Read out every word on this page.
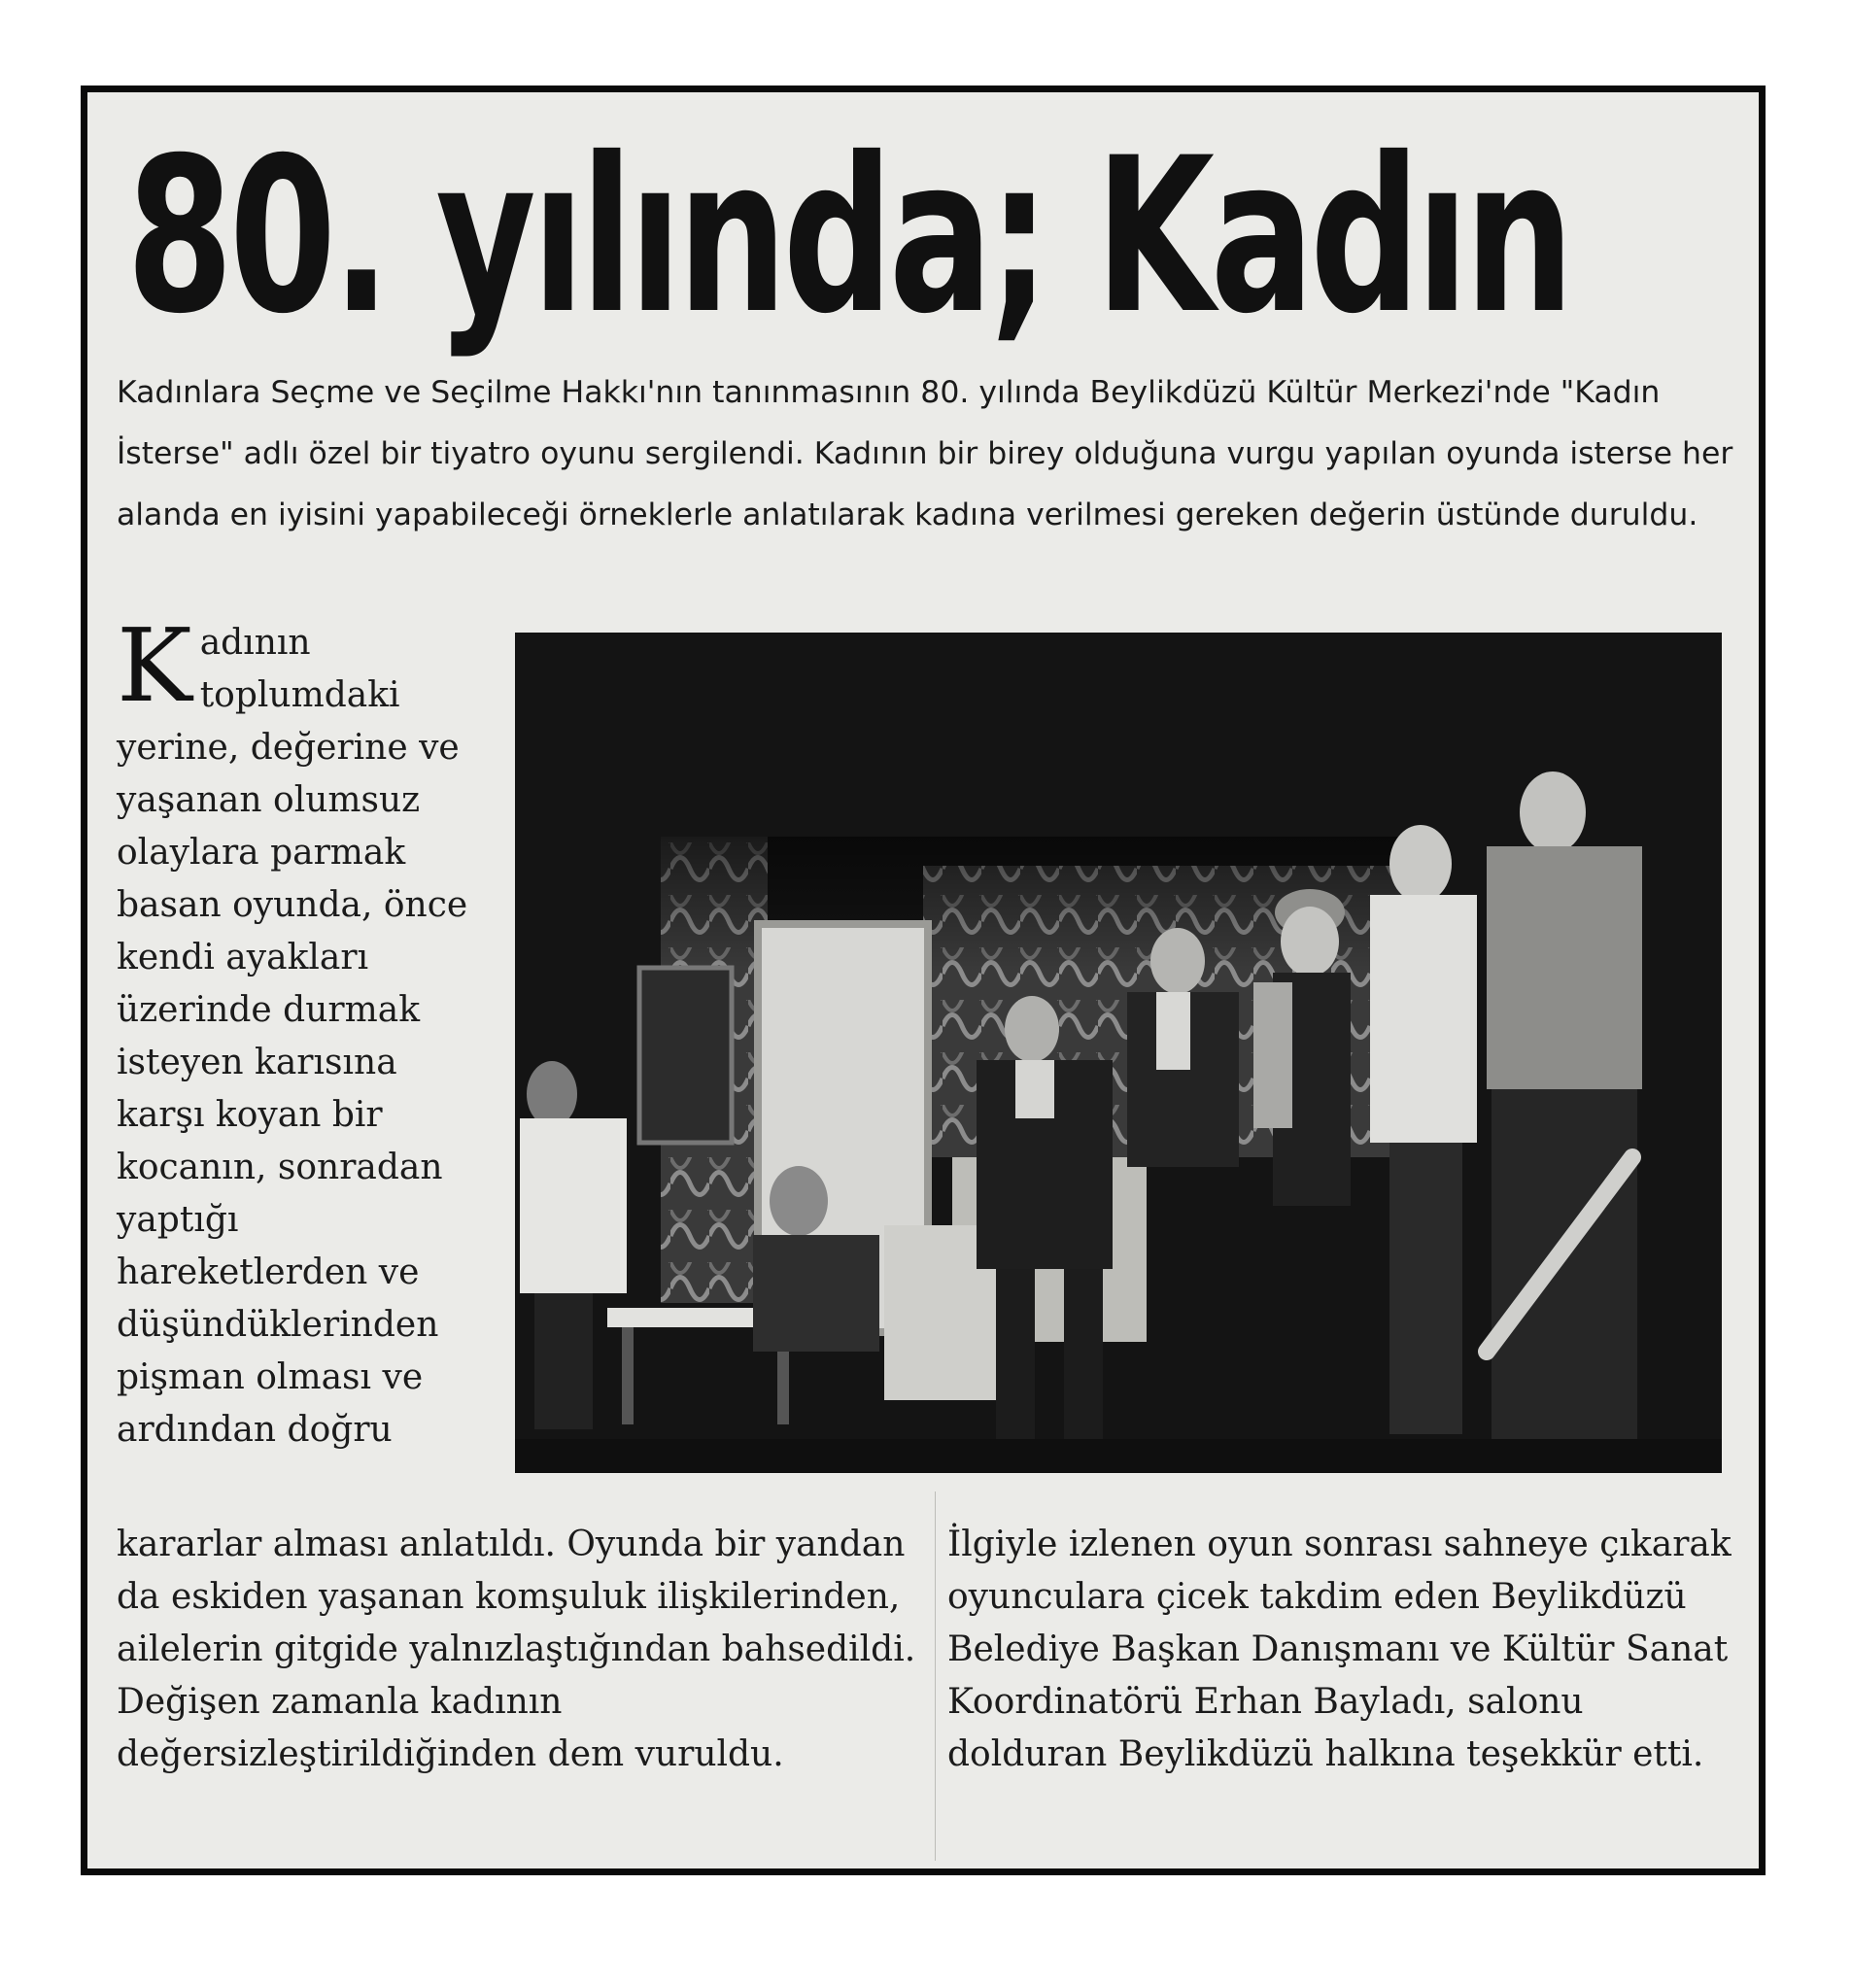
80. yılında; Kadın

Kadınlara Seçme ve Seçilme Hakkı'nın tanınmasının 80. yılında Beylikdüzü Kültür Merkezi'nde "Kadın İsterse" adlı özel bir tiyatro oyunu sergilendi. Kadının bir birey olduğuna vurgu yapılan oyunda isterse her alanda en iyisini yapabileceği örneklerle anlatılarak kadına verilmesi gereken değerin üstünde duruldu.

Kadının toplumdaki yerine, değerine ve yaşanan olumsuz olaylara parmak basan oyunda, önce kendi ayakları üzerinde durmak isteyen karısına karşı koyan bir kocanın, sonradan yaptığı hareketlerden ve düşündüklerinden pişman olması ve ardından doğru

kararlar alması anlatıldı. Oyunda bir yandan da eskiden yaşanan komşuluk ilişkilerinden, ailelerin gitgide yalnızlaştığından bahsedildi. Değişen zamanla kadının değersizleştirildiğinden dem vuruldu.

İlgiyle izlenen oyun sonrası sahneye çıkarak oyunculara çicek takdim eden Beylikdüzü Belediye Başkan Danışmanı ve Kültür Sanat Koordinatörü Erhan Bayladı, salonu dolduran Beylikdüzü halkına teşekkür etti.
